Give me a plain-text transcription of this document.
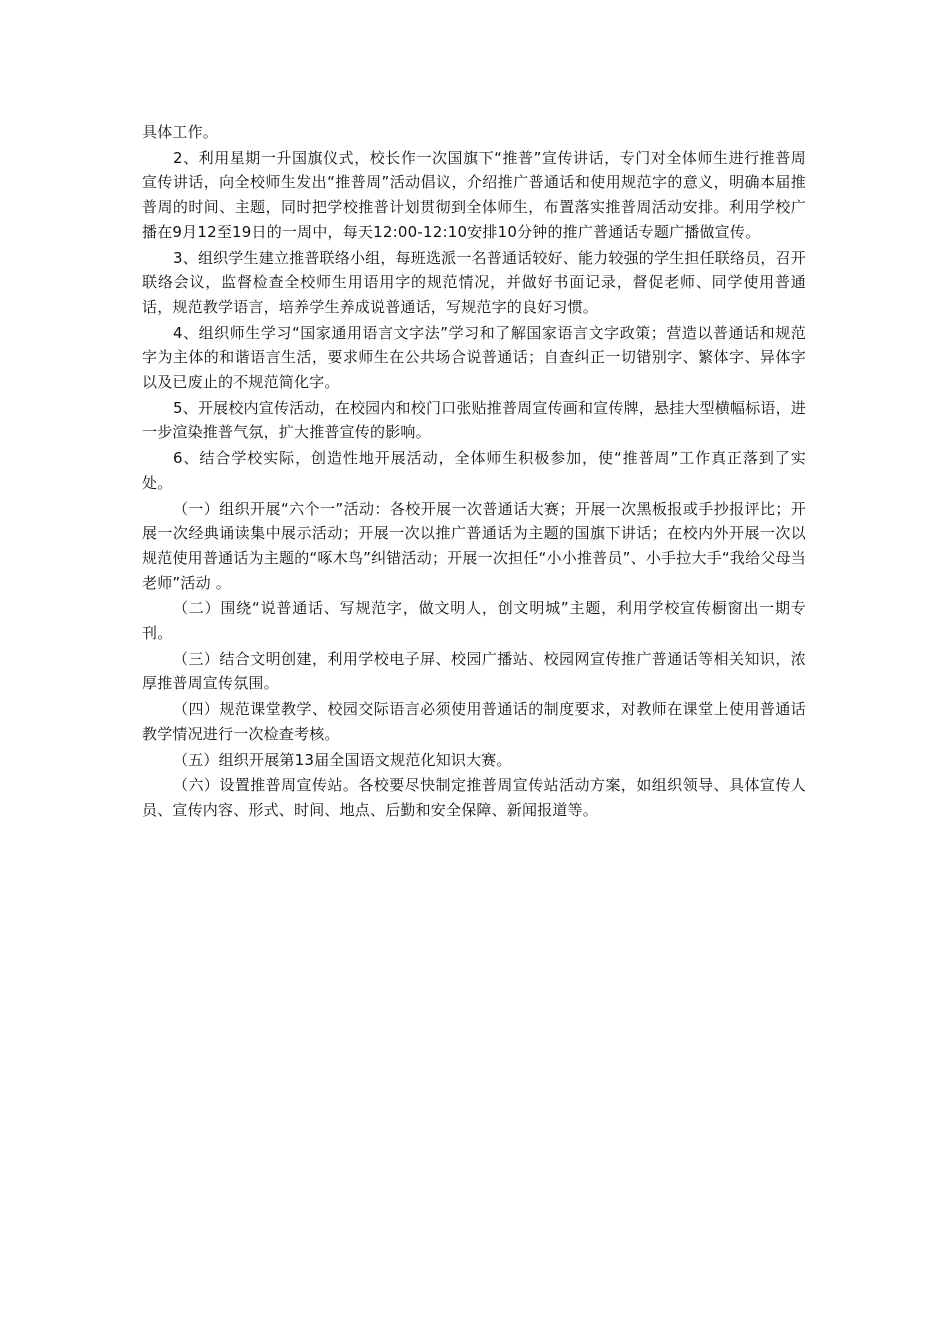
具体工作。

2、利用星期一升国旗仪式，校长作一次国旗下“推普”宣传讲话，专门对全体师生进行推普周宣传讲话，向全校师生发出“推普周”活动倡议，介绍推广普通话和使用规范字的意义，明确本届推普周的时间、主题，同时把学校推普计划贯彻到全体师生，布置落实推普周活动安排。利用学校广播在9月12至19日的一周中，每天12:00-12:10安排10分钟的推广普通话专题广播做宣传。

3、组织学生建立推普联络小组，每班选派一名普通话较好、能力较强的学生担任联络员，召开联络会议，监督检查全校师生用语用字的规范情况，并做好书面记录，督促老师、同学使用普通话，规范教学语言，培养学生养成说普通话，写规范字的良好习惯。

4、组织师生学习“国家通用语言文字法”学习和了解国家语言文字政策；营造以普通话和规范字为主体的和谐语言生活，要求师生在公共场合说普通话；自查纠正一切错别字、繁体字、异体字以及已废止的不规范简化字。

5、开展校内宣传活动，在校园内和校门口张贴推普周宣传画和宣传牌，悬挂大型横幅标语，进一步渲染推普气氛，扩大推普宣传的影响。

6、结合学校实际，创造性地开展活动，全体师生积极参加，使“推普周”工作真正落到了实处。

（一）组织开展“六个一”活动：各校开展一次普通话大赛；开展一次黑板报或手抄报评比；开展一次经典诵读集中展示活动；开展一次以推广普通话为主题的国旗下讲话；在校内外开展一次以规范使用普通话为主题的“啄木鸟”纠错活动；开展一次担任“小小推普员”、小手拉大手“我给父母当老师”活动 。

（二）围绕“说普通话、写规范字，做文明人，创文明城”主题，利用学校宣传橱窗出一期专刊。

（三）结合文明创建，利用学校电子屏、校园广播站、校园网宣传推广普通话等相关知识，浓厚推普周宣传氛围。

（四）规范课堂教学、校园交际语言必须使用普通话的制度要求，对教师在课堂上使用普通话教学情况进行一次检查考核。

（五）组织开展第13届全国语文规范化知识大赛。

（六）设置推普周宣传站。各校要尽快制定推普周宣传站活动方案，如组织领导、具体宣传人员、宣传内容、形式、时间、地点、后勤和安全保障、新闻报道等。
